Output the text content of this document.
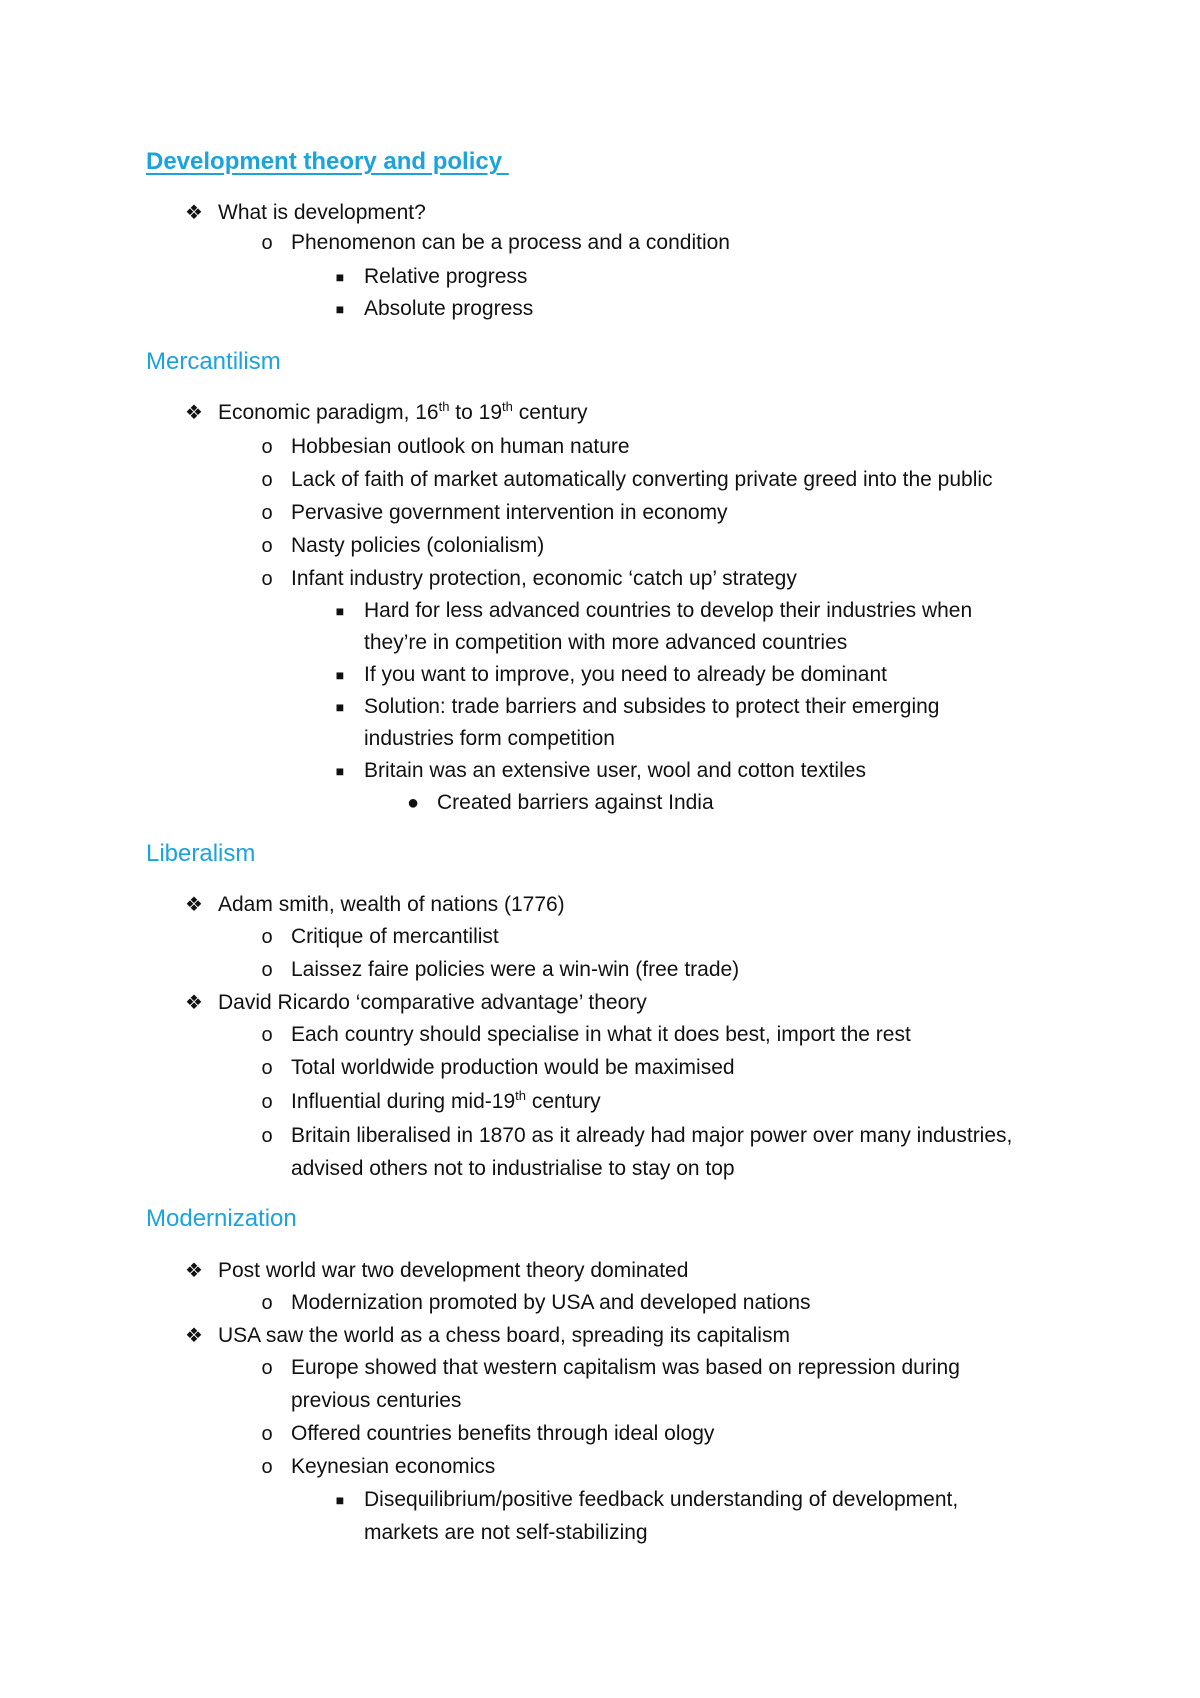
Development theory and policy
❖ What is development?
o Phenomenon can be a process and a condition
■ Relative progress
■ Absolute progress
Mercantilism
❖ Economic paradigm, 16th to 19th century
o Hobbesian outlook on human nature
o Lack of faith of market automatically converting private greed into the public
o Pervasive government intervention in economy
o Nasty policies (colonialism)
o Infant industry protection, economic ‘catch up’ strategy
■ Hard for less advanced countries to develop their industries when
they’re in competition with more advanced countries
■ If you want to improve, you need to already be dominant
■ Solution: trade barriers and subsides to protect their emerging
industries form competition
■ Britain was an extensive user, wool and cotton textiles
● Created barriers against India
Liberalism
❖ Adam smith, wealth of nations (1776)
o Critique of mercantilist
o Laissez faire policies were a win-win (free trade)
❖ David Ricardo ‘comparative advantage’ theory
o Each country should specialise in what it does best, import the rest
o Total worldwide production would be maximised
o Influential during mid-19th century
o Britain liberalised in 1870 as it already had major power over many industries,
advised others not to industrialise to stay on top
Modernization
❖ Post world war two development theory dominated
o Modernization promoted by USA and developed nations
❖ USA saw the world as a chess board, spreading its capitalism
o Europe showed that western capitalism was based on repression during
previous centuries
o Offered countries benefits through ideal ology
o Keynesian economics
■ Disequilibrium/positive feedback understanding of development,
markets are not self-stabilizing
